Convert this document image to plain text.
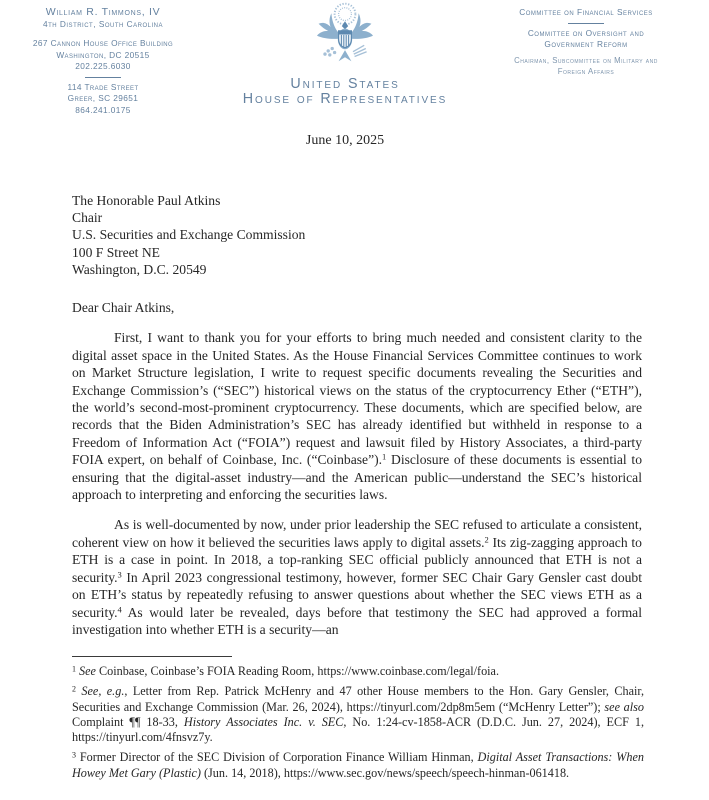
William R. Timmons, IV
4th District, South Carolina
267 Cannon House Office Building
Washington, DC 20515
202.225.6030
114 Trade Street
Greer, SC 29651
864.241.0175
United States
House of Representatives
Committee on Financial Services
Committee on Oversight and Government Reform
Chairman, Subcommittee on Military and Foreign Affairs
June 10, 2025
The Honorable Paul Atkins
Chair
U.S. Securities and Exchange Commission
100 F Street NE
Washington, D.C. 20549
Dear Chair Atkins,

First, I want to thank you for your efforts to bring much needed and consistent clarity to the digital asset space in the United States. As the House Financial Services Committee continues to work on Market Structure legislation, I write to request specific documents revealing the Securities and Exchange Commission’s (“SEC”) historical views on the status of the cryptocurrency Ether (“ETH”), the world’s second-most-prominent cryptocurrency. These documents, which are specified below, are records that the Biden Administration’s SEC has already identified but withheld in response to a Freedom of Information Act (“FOIA”) request and lawsuit filed by History Associates, a third-party FOIA expert, on behalf of Coinbase, Inc. (“Coinbase”).$^1$ Disclosure of these documents is essential to ensuring that the digital-asset industry—and the American public—understand the SEC’s historical approach to interpreting and enforcing the securities laws.

As is well-documented by now, under prior leadership the SEC refused to articulate a consistent, coherent view on how it believed the securities laws apply to digital assets.$^2$ Its zig-zagging approach to ETH is a case in point. In 2018, a top-ranking SEC official publicly announced that ETH is not a security.$^3$ In April 2023 congressional testimony, however, former SEC Chair Gary Gensler cast doubt on ETH’s status by repeatedly refusing to answer questions about whether the SEC views ETH as a security.$^4$ As would later be revealed, days before that testimony the SEC had approved a formal investigation into whether ETH is a security—an

$^1$ See Coinbase, Coinbase’s FOIA Reading Room, https://www.coinbase.com/legal/foia.
$^2$ See, e.g., Letter from Rep. Patrick McHenry and 47 other House members to the Hon. Gary Gensler, Chair, Securities and Exchange Commission (Mar. 26, 2024), https://tinyurl.com/2dp8m5em (“McHenry Letter”); see also Complaint ¶¶ 18-33, History Associates Inc. v. SEC, No. 1:24-cv-1858-ACR (D.D.C. Jun. 27, 2024), ECF 1, https://tinyurl.com/4fnsvz7y.
$^3$ Former Director of the SEC Division of Corporation Finance William Hinman, Digital Asset Transactions: When Howey Met Gary (Plastic) (Jun. 14, 2018), https://www.sec.gov/news/speech/speech-hinman-061418.
